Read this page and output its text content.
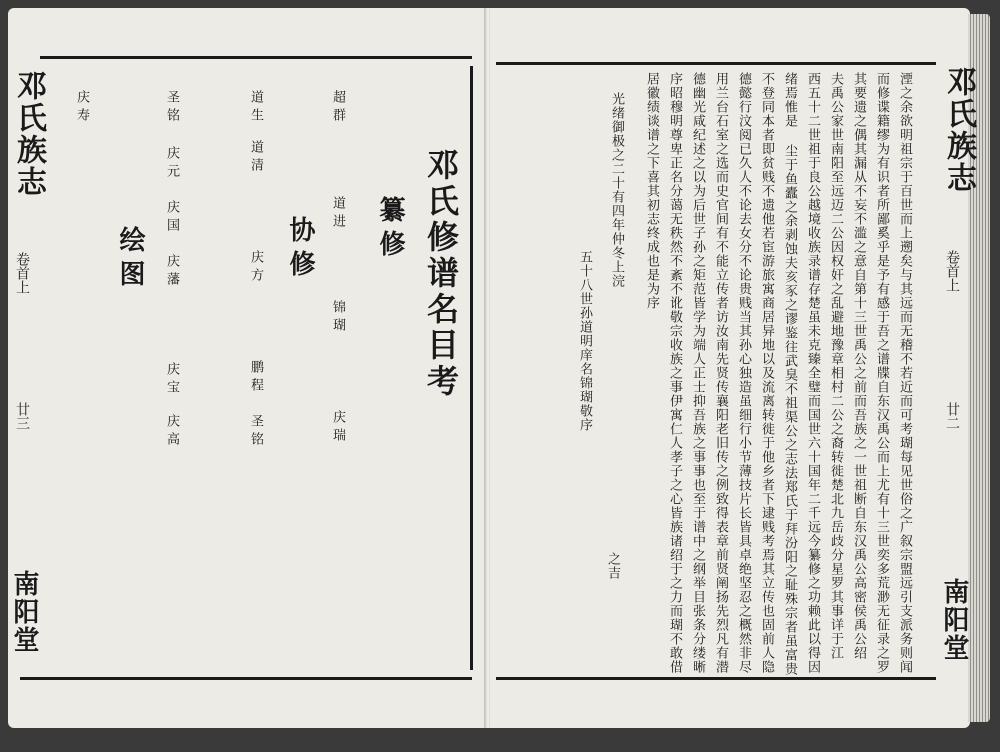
邓氏族志
卷首上
廿三
南阳堂
邓氏修谱名目考
纂修
超群
道进
锦瑚
庆瑞
协修
道生
道清
庆方
鹏程
圣铭
绘图
圣铭
庆元
庆国
庆藩
庆宝
庆高
庆寿	邓氏族志
卷首上
廿二
南阳堂
湮之余欲明祖宗于百世而上遡矣与其远而无稽不若近而可考瑚每见世俗之广叙宗盟远引支派务则闻
而修谍籍缪为有识者所鄙奚乎是予有感于吾之谱牒自东汉禹公而上尤有十三世奕多荒渺无征录之罗
其要遗之偶其漏从不妄不滥之意自第十三世禹公之前而吾族之一世祖断自东汉禹公高密侯禹公绍
夫禹公家世南阳至远迈二公因权奸之乱避地豫章相村二公之裔转徙楚北九岳歧分星罗其事详于江
西五十二世祖于良公越境收族录谱存楚虽未克臻全璧而国世六十国年二千远今纂修之功赖此以得因
绪焉惟是 尘于鱼蠹之余剥蚀夫亥豕之谬鉴往武臭不祖渠公之志法郑氏于拜汾阳之耻殊宗者虽富贵
不登同本者即贫贱不遗他若宦游旅寓商居异地以及流离转徙于他乡者下逮贱考焉其立传也固前人隐
德懿行汶阅已久人不论去女分不论贵贱当其孙心独造虽细行小节薄技片长皆具卓绝坚忍之概然非尽
用兰台石室之选而史官间有不能立传者访汝南先贤传襄阳老旧传之例致得表章前贤阐扬先烈凡有潜
德幽光咸纪述之以为后世子孙之矩范皆学为端人正士抑吾族之事事也至于谱中之纲举目张条分缕晰
序昭穆明尊卑正名分蔼无秩然不紊不讹敬宗收族之事伊寓仁人孝子之心皆族诸绍于之力而瑚不敢借
居徽绩谈谱之下喜其初志终成也是为序
光绪御极之二十有四年仲冬上浣
五十八世孙道明庠名锦瑚敬序
之吉
